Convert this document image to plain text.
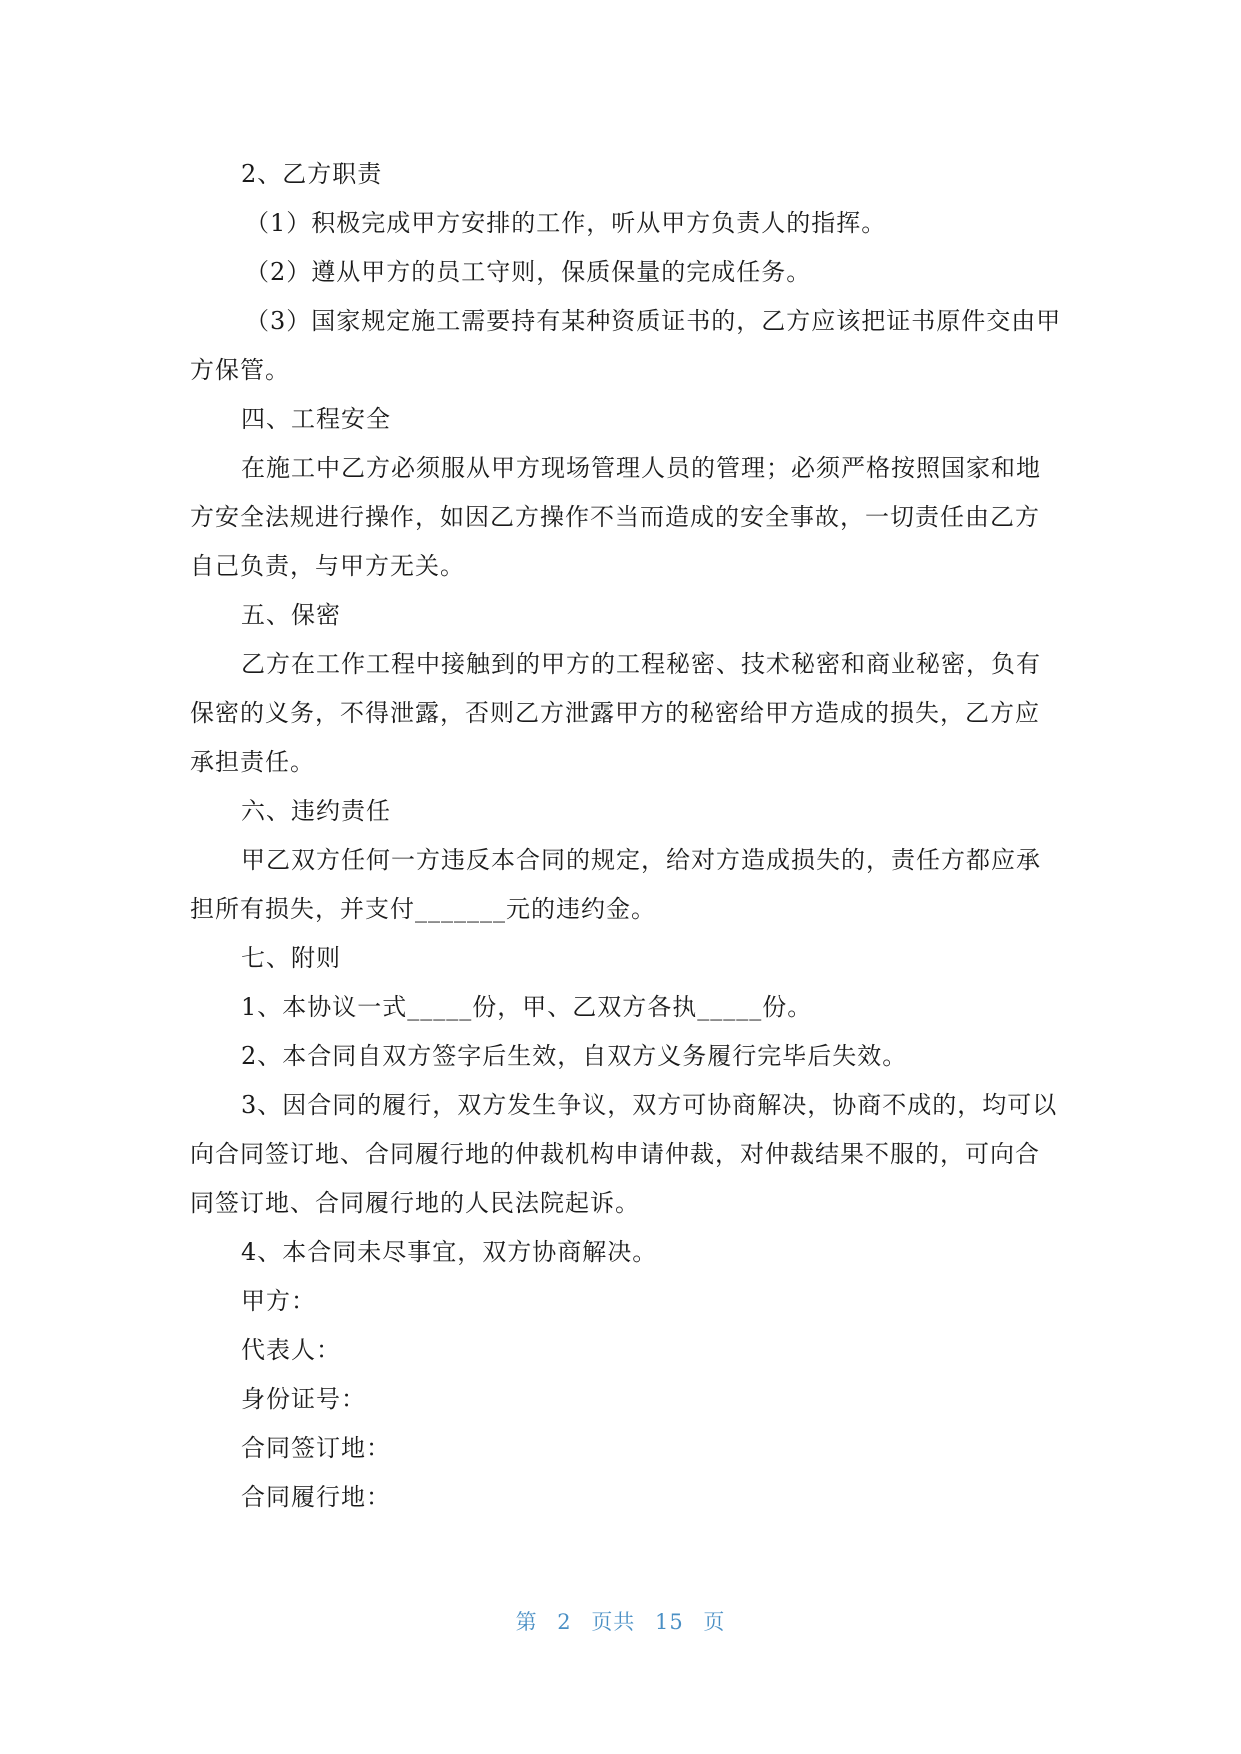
2、乙方职责

（1）积极完成甲方安排的工作，听从甲方负责人的指挥。

（2）遵从甲方的员工守则，保质保量的完成任务。

（3）国家规定施工需要持有某种资质证书的，乙方应该把证书原件交由甲

方保管。

四、工程安全

在施工中乙方必须服从甲方现场管理人员的管理；必须严格按照国家和地

方安全法规进行操作，如因乙方操作不当而造成的安全事故，一切责任由乙方

自己负责，与甲方无关。

五、保密

乙方在工作工程中接触到的甲方的工程秘密、技术秘密和商业秘密，负有

保密的义务，不得泄露，否则乙方泄露甲方的秘密给甲方造成的损失，乙方应

承担责任。

六、违约责任

甲乙双方任何一方违反本合同的规定，给对方造成损失的，责任方都应承

担所有损失，并支付_______元的违约金。

七、附则

1、本协议一式_____份，甲、乙双方各执_____份。

2、本合同自双方签字后生效，自双方义务履行完毕后失效。

3、因合同的履行，双方发生争议，双方可协商解决，协商不成的，均可以

向合同签订地、合同履行地的仲裁机构申请仲裁，对仲裁结果不服的，可向合

同签订地、合同履行地的人民法院起诉。

4、本合同未尽事宜，双方协商解决。

甲方：

代表人：

身份证号：

合同签订地：

合同履行地：

第 2 页共 15 页
